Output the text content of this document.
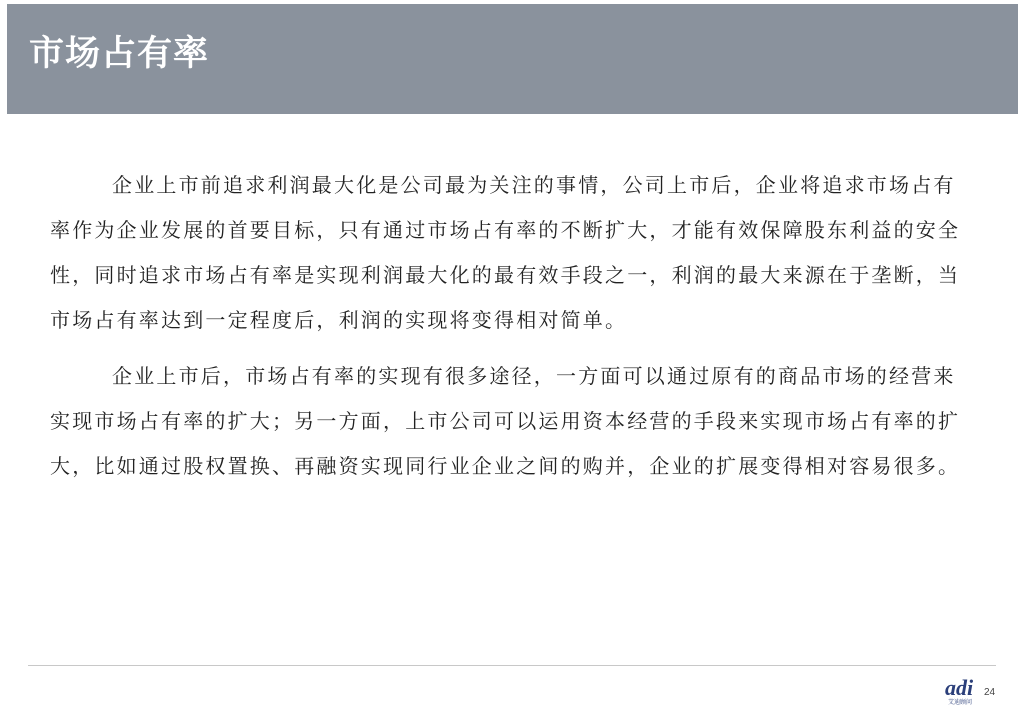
市场占有率

企业上市前追求利润最大化是公司最为关注的事情，公司上市后，企业将追求市场占有率作为企业发展的首要目标，只有通过市场占有率的不断扩大，才能有效保障股东利益的安全性，同时追求市场占有率是实现利润最大化的最有效手段之一，利润的最大来源在于垄断，当市场占有率达到一定程度后，利润的实现将变得相对简单。

企业上市后，市场占有率的实现有很多途径，一方面可以通过原有的商品市场的经营来实现市场占有率的扩大；另一方面，上市公司可以运用资本经营的手段来实现市场占有率的扩大，比如通过股权置换、再融资实现同行业企业之间的购并，企业的扩展变得相对容易很多。

adi
艾迪顾问
24
